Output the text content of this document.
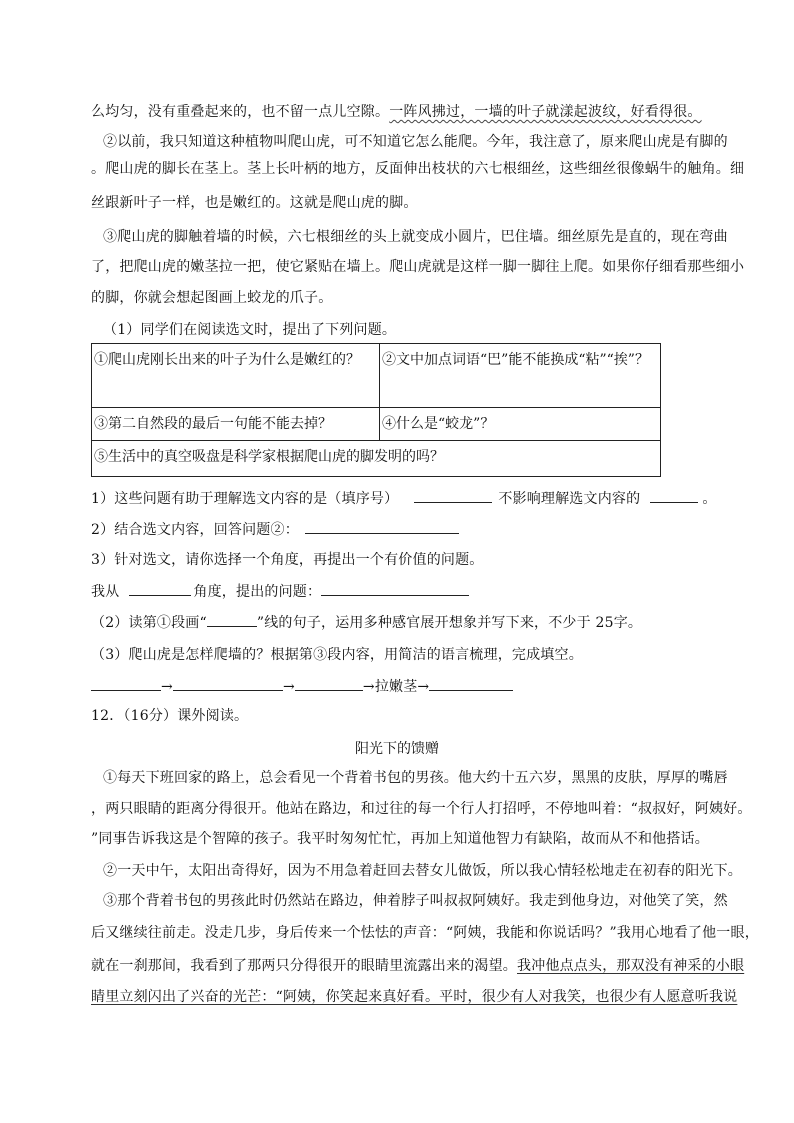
么均匀，没有重叠起来的，也不留一点儿空隙。一阵风拂过，一墙的叶子就漾起波纹，好看得很。
②以前，我只知道这种植物叫爬山虎，可不知道它怎么能爬。今年，我注意了，原来爬山虎是有脚的
。爬山虎的脚长在茎上。茎上长叶柄的地方，反面伸出枝状的六七根细丝，这些细丝很像蜗牛的触角。细
丝跟新叶子一样，也是嫩红的。这就是爬山虎的脚。
③爬山虎的脚触着墙的时候，六七根细丝的头上就变成小圆片，巴住墙。细丝原先是直的，现在弯曲
了，把爬山虎的嫩茎拉一把，使它紧贴在墙上。爬山虎就是这样一脚一脚往上爬。如果你仔细看那些细小
的脚，你就会想起图画上蛟龙的爪子。
（1）同学们在阅读选文时，提出了下列问题。
①爬山虎刚长出来的叶子为什么是嫩红的？	②文中加点词语“巴”能不能换成“粘”“挨”？
③第二自然段的最后一句能不能去掉？	④什么是“蛟龙”？
⑤生活中的真空吸盘是科学家根据爬山虎的脚发明的吗？	
1）这些问题有助于理解选文内容的是（填序号）	不影响理解选文内容的	。
2）结合选文内容，回答问题②：
3）针对选文，请你选择一个角度，再提出一个有价值的问题。
我从	角度，提出的问题：
（2）读第①段画“	”线的句子，运用多种感官展开想象并写下来，不少于 25字。
（3）爬山虎是怎样爬墙的？根据第③段内容，用简洁的语言梳理，完成填空。
→	→	→拉嫩茎→
12．（16分）课外阅读。
阳光下的馈赠
①每天下班回家的路上，总会看见一个背着书包的男孩。他大约十五六岁，黑黑的皮肤，厚厚的嘴唇
，两只眼睛的距离分得很开。他站在路边，和过往的每一个行人打招呼，不停地叫着：“叔叔好，阿姨好。
”同事告诉我这是个智障的孩子。我平时匆匆忙忙，再加上知道他智力有缺陷，故而从不和他搭话。
②一天中午，太阳出奇得好，因为不用急着赶回去替女儿做饭，所以我心情轻松地走在初春的阳光下。
③那个背着书包的男孩此时仍然站在路边，伸着脖子叫叔叔阿姨好。我走到他身边，对他笑了笑，然
后又继续往前走。没走几步，身后传来一个怯怯的声音：“阿姨，我能和你说话吗？”我用心地看了他一眼，
就在一刹那间，我看到了那两只分得很开的眼睛里流露出来的渴望。我冲他点点头，那双没有神采的小眼
睛里立刻闪出了兴奋的光芒：“阿姨，你笑起来真好看。平时，很少有人对我笑，也很少有人愿意听我说
